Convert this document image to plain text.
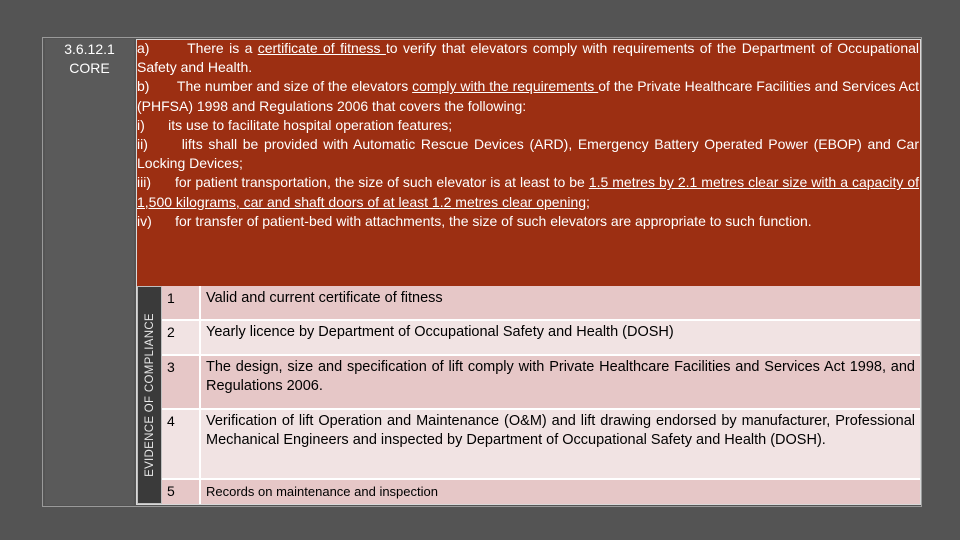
3.6.12.1
CORE

a)	There is a certificate of fitness to verify that elevators comply with requirements of the Department of Occupational Safety and Health.

b) The number and size of the elevators comply with the requirements of the Private Healthcare Facilities and Services Act (PHFSA) 1998 and Regulations 2006 that covers the following:

i) its use to facilitate hospital operation features;

ii) lifts shall be provided with Automatic Rescue Devices (ARD), Emergency Battery Operated Power (EBOP) and Car Locking Devices;

iii) for patient transportation, the size of such elevator is at least to be 1.5 metres by 2.1 metres clear size with a capacity of 1,500 kilograms, car and shaft doors of at least 1.2 metres clear opening;

iv) for transfer of patient-bed with attachments, the size of such elevators are appropriate to such function.

EVIDENCE OF COMPLIANCE
1 Valid and current certificate of fitness
2 Yearly licence by Department of Occupational Safety and Health (DOSH)
3 The design, size and specification of lift comply with Private Healthcare Facilities and Services Act 1998, and Regulations 2006.
4 Verification of lift Operation and Maintenance (O&M) and lift drawing endorsed by manufacturer, Professional Mechanical Engineers and inspected by Department of Occupational Safety and Health (DOSH).
5 Records on maintenance and inspection
